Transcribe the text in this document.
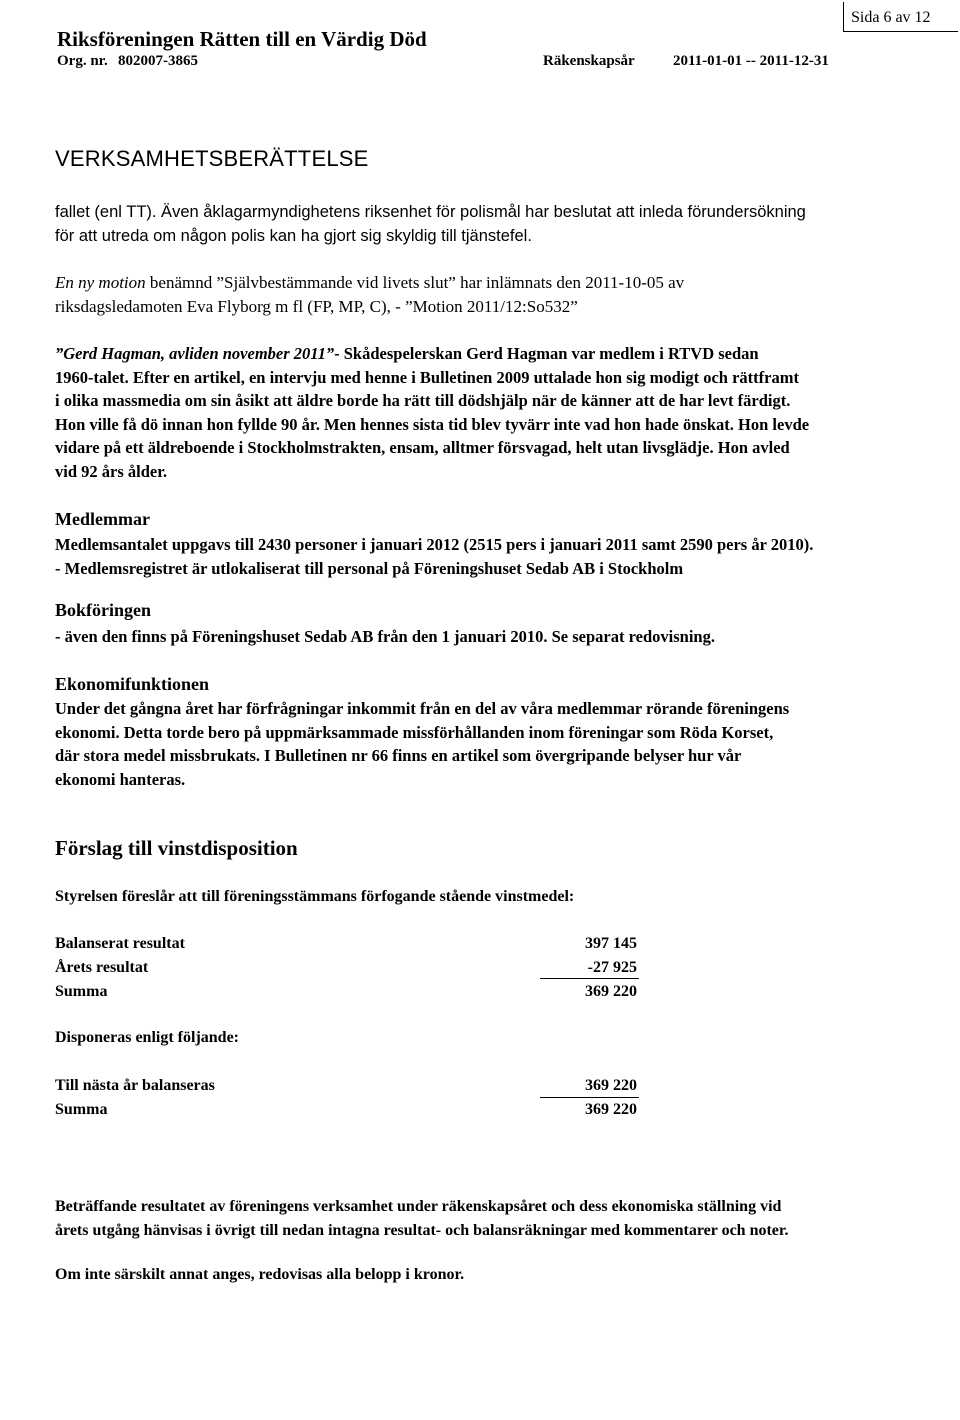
Sida 6 av 12
Riksföreningen Rätten till en Värdig Död
Org. nr. 802007-3865	Räkenskapsår	2011-01-01 -- 2011-12-31
VERKSAMHETSBERÄTTELSE
fallet (enl TT). Även åklagarmyndighetens riksenhet för polismål har beslutat att inleda förundersökning
för att utreda om någon polis kan ha gjort sig skyldig till tjänstefel.
En ny motion benämnd ”Självbestämmande vid livets slut” har inlämnats den 2011-10-05 av
riksdagsledamoten Eva Flyborg m fl (FP, MP, C), - ”Motion 2011/12:So532”
”Gerd Hagman, avliden november 2011”- Skådespelerskan Gerd Hagman var medlem i RTVD sedan
1960-talet. Efter en artikel, en intervju med henne i Bulletinen 2009 uttalade hon sig modigt och rättframt
i olika massmedia om sin åsikt att äldre borde ha rätt till dödshjälp när de känner att de har levt färdigt.
Hon ville få dö innan hon fyllde 90 år. Men hennes sista tid blev tyvärr inte vad hon hade önskat. Hon levde
vidare på ett äldreboende i Stockholmstrakten, ensam, alltmer försvagad, helt utan livsglädje. Hon avled
vid 92 års ålder.
Medlemmar
Medlemsantalet uppgavs till 2430 personer i januari 2012 (2515 pers i januari 2011 samt 2590 pers år 2010).
- Medlemsregistret är utlokaliserat till personal på Föreningshuset Sedab AB i Stockholm
Bokföringen
- även den finns på Föreningshuset Sedab AB från den 1 januari 2010. Se separat redovisning.
Ekonomifunktionen
Under det gångna året har förfrågningar inkommit från en del av våra medlemmar rörande föreningens
ekonomi. Detta torde bero på uppmärksammade missförhållanden inom föreningar som Röda Korset,
där stora medel missbrukats. I Bulletinen nr 66 finns en artikel som övergripande belyser hur vår
ekonomi hanteras.
Förslag till vinstdisposition
Styrelsen föreslår att till föreningsstämmans förfogande stående vinstmedel:
Balanserat resultat	397 145
Årets resultat	-27 925
Summa	369 220
Disponeras enligt följande:
Till nästa år balanseras	369 220
Summa	369 220
Beträffande resultatet av föreningens verksamhet under räkenskapsåret och dess ekonomiska ställning vid
årets utgång hänvisas i övrigt till nedan intagna resultat- och balansräkningar med kommentarer och noter.
Om inte särskilt annat anges, redovisas alla belopp i kronor.
